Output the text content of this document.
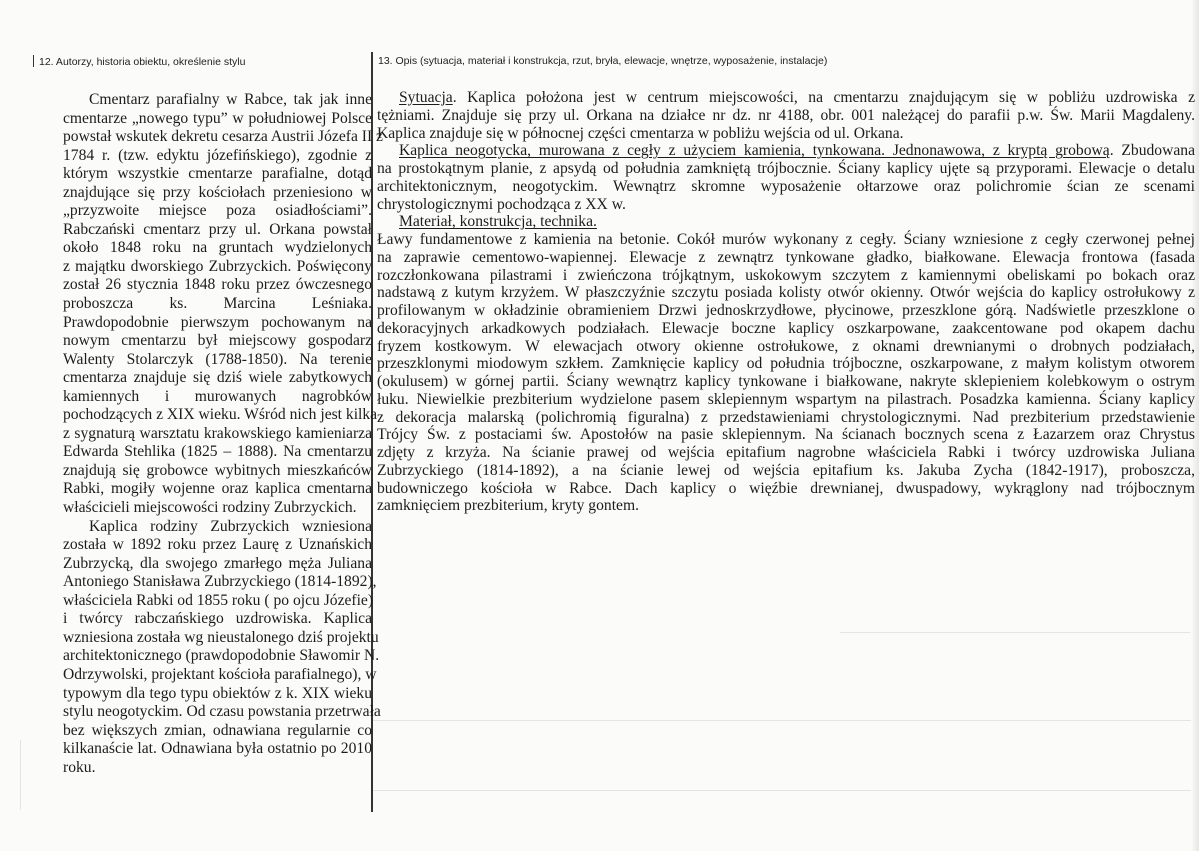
12. Autorzy, historia obiektu, określenie stylu	13. Opis (sytuacja, materiał i konstrukcja, rzut, bryła, elewacje, wnętrze, wyposażenie, instalacje)
Cmentarz parafialny w Rabce, tak jak inne
cmentarze „nowego typu” w południowej Polsce
powstał wskutek dekretu cesarza Austrii Józefa II z
1784 r. (tzw. edyktu józefińskiego), zgodnie z
którym wszystkie cmentarze parafialne, dotąd
znajdujące się przy kościołach przeniesiono w
„przyzwoite miejsce poza osiadłościami”.
Rabczański cmentarz przy ul. Orkana powstał
około 1848 roku na gruntach wydzielonych
z majątku dworskiego Zubrzyckich. Poświęcony
został 26 stycznia 1848 roku przez ówczesnego
proboszcza ks. Marcina Leśniaka.
Prawdopodobnie pierwszym pochowanym na
nowym cmentarzu był miejscowy gospodarz
Walenty Stolarczyk (1788-1850). Na terenie
cmentarza znajduje się dziś wiele zabytkowych
kamiennych i murowanych nagrobków
pochodzących z XIX wieku. Wśród nich jest kilka
z sygnaturą warsztatu krakowskiego kamieniarza
Edwarda Stehlika (1825 – 1888). Na cmentarzu
znajdują się grobowce wybitnych mieszkańców
Rabki, mogiły wojenne oraz kaplica cmentarna
właścicieli miejscowości rodziny Zubrzyckich.
Kaplica rodziny Zubrzyckich wzniesiona
została w 1892 roku przez Laurę z Uznańskich
Zubrzycką, dla swojego zmarłego męża Juliana
Antoniego Stanisława Zubrzyckiego (1814-1892),
właściciela Rabki od 1855 roku ( po ojcu Józefie)
i twórcy rabczańskiego uzdrowiska. Kaplica
wzniesiona została wg nieustalonego dziś projektu
architektonicznego (prawdopodobnie Sławomir N.
Odrzywolski, projektant kościoła parafialnego), w
typowym dla tego typu obiektów z k. XIX wieku
stylu neogotyckim. Od czasu powstania przetrwała
bez większych zmian, odnawiana regularnie co
kilkanaście lat. Odnawiana była ostatnio po 2010
roku.
Sytuacja. Kaplica położona jest w centrum miejscowości, na cmentarzu znajdującym się w pobliżu uzdrowiska z
tężniami. Znajduje się przy ul. Orkana na działce nr dz. nr 4188, obr. 001 należącej do parafii p.w. Św. Marii Magdaleny.
Kaplica znajduje się w północnej części cmentarza w pobliżu wejścia od ul. Orkana.
Kaplica neogotycka, murowana z cegły z użyciem kamienia, tynkowana. Jednonawowa, z kryptą grobową. Zbudowana
na prostokątnym planie, z apsydą od południa zamkniętą trójbocznie. Ściany kaplicy ujęte są przyporami. Elewacje o detalu
architektonicznym, neogotyckim. Wewnątrz skromne wyposażenie ołtarzowe oraz polichromie ścian ze scenami
chrystologicznymi pochodząca z XX w.
Materiał, konstrukcja, technika.
Ławy fundamentowe z kamienia na betonie. Cokół murów wykonany z cegły. Ściany wzniesione z cegły czerwonej pełnej
na zaprawie cementowo-wapiennej. Elewacje z zewnątrz tynkowane gładko, białkowane. Elewacja frontowa (fasada
rozczłonkowana pilastrami i zwieńczona trójkątnym, uskokowym szczytem z kamiennymi obeliskami po bokach oraz
nadstawą z kutym krzyżem. W płaszczyźnie szczytu posiada kolisty otwór okienny. Otwór wejścia do kaplicy ostrołukowy z
profilowanym w okładzinie obramieniem Drzwi jednoskrzydłowe, płycinowe, przeszklone górą. Nadświetle przeszklone o
dekoracyjnych arkadkowych podziałach. Elewacje boczne kaplicy oszkarpowane, zaakcentowane pod okapem dachu
fryzem kostkowym. W elewacjach otwory okienne ostrołukowe, z oknami drewnianymi o drobnych podziałach,
przeszklonymi miodowym szkłem. Zamknięcie kaplicy od południa trójboczne, oszkarpowane, z małym kolistym otworem
(okulusem) w górnej partii. Ściany wewnątrz kaplicy tynkowane i białkowane, nakryte sklepieniem kolebkowym o ostrym
łuku. Niewielkie prezbiterium wydzielone pasem sklepiennym wspartym na pilastrach. Posadzka kamienna. Ściany kaplicy
z dekoracja malarską (polichromią figuralna) z przedstawieniami chrystologicznymi. Nad prezbiterium przedstawienie
Trójcy Św. z postaciami św. Apostołów na pasie sklepiennym. Na ścianach bocznych scena z Łazarzem oraz Chrystus
zdjęty z krzyża. Na ścianie prawej od wejścia epitafium nagrobne właściciela Rabki i twórcy uzdrowiska Juliana
Zubrzyckiego (1814-1892), a na ścianie lewej od wejścia epitafium ks. Jakuba Zycha (1842-1917), proboszcza,
budowniczego kościoła w Rabce. Dach kaplicy o więźbie drewnianej, dwuspadowy, wykrąglony nad trójbocznym
zamknięciem prezbiterium, kryty gontem.
